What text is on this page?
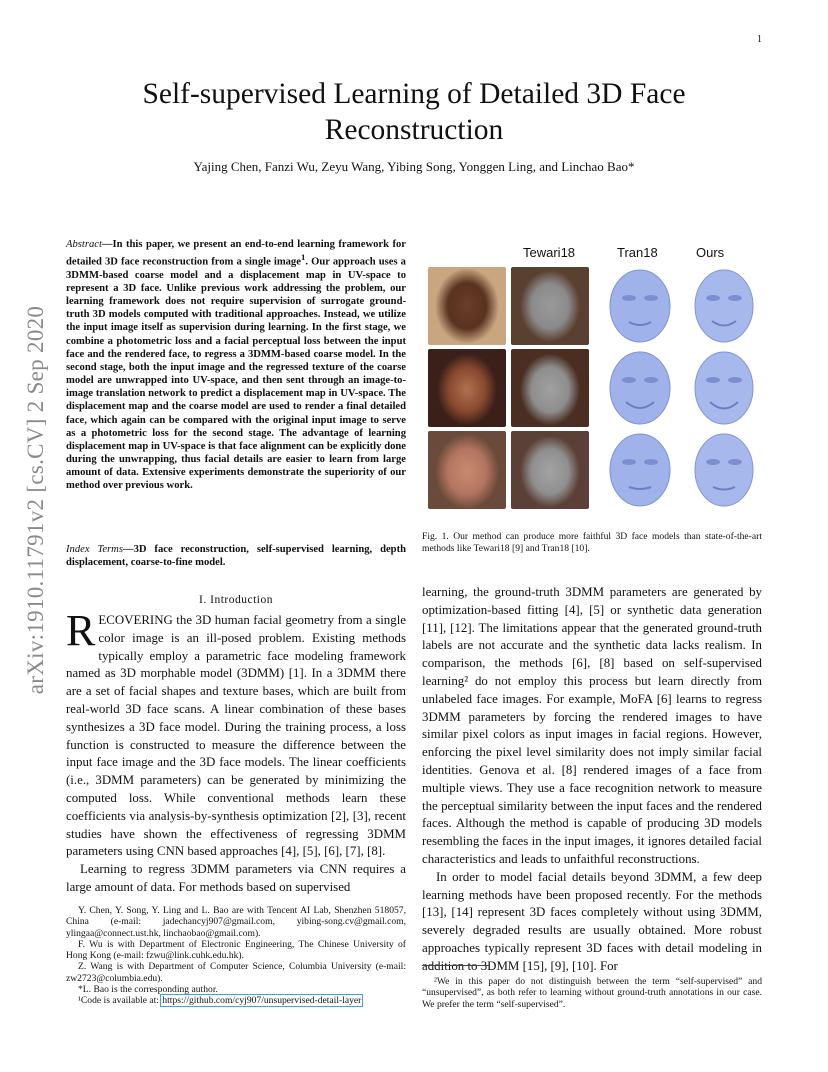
1
arXiv:1910.11791v2 [cs.CV] 2 Sep 2020
Self-supervised Learning of Detailed 3D Face Reconstruction
Yajing Chen, Fanzi Wu, Zeyu Wang, Yibing Song, Yonggen Ling, and Linchao Bao*
Abstract—In this paper, we present an end-to-end learning framework for detailed 3D face reconstruction from a single image$^1$. Our approach uses a 3DMM-based coarse model and a displacement map in UV-space to represent a 3D face. Unlike previous work addressing the problem, our learning framework does not require supervision of surrogate ground-truth 3D models computed with traditional approaches. Instead, we utilize the input image itself as supervision during learning. In the first stage, we combine a photometric loss and a facial perceptual loss between the input face and the rendered face, to regress a 3DMM-based coarse model. In the second stage, both the input image and the regressed texture of the coarse model are unwrapped into UV-space, and then sent through an image-to-image translation network to predict a displacement map in UV-space. The displacement map and the coarse model are used to render a final detailed face, which again can be compared with the original input image to serve as a photometric loss for the second stage. The advantage of learning displacement map in UV-space is that face alignment can be explicitly done during the unwrapping, thus facial details are easier to learn from large amount of data. Extensive experiments demonstrate the superiority of our method over previous work.
Index Terms—3D face reconstruction, self-supervised learning, depth displacement, coarse-to-fine model.
Tewari18	Tran18	Ours
Fig. 1. Our method can produce more faithful 3D face models than state-of-the-art methods like Tewari18 [9] and Tran18 [10].
I. Introduction

RECOVERING the 3D human facial geometry from a single color image is an ill-posed problem. Existing methods typically employ a parametric face modeling framework named as 3D morphable model (3DMM) [1]. In a 3DMM there are a set of facial shapes and texture bases, which are built from real-world 3D face scans. A linear combination of these bases synthesizes a 3D face model. During the training process, a loss function is constructed to measure the difference between the input face image and the 3D face models. The linear coefficients (i.e., 3DMM parameters) can be generated by minimizing the computed loss. While conventional methods learn these coefficients via analysis-by-synthesis optimization [2], [3], recent studies have shown the effectiveness of regressing 3DMM parameters using CNN based approaches [4], [5], [6], [7], [8].

Learning to regress 3DMM parameters via CNN requires a large amount of data. For methods based on supervised

learning, the ground-truth 3DMM parameters are generated by optimization-based fitting [4], [5] or synthetic data generation [11], [12]. The limitations appear that the generated ground-truth labels are not accurate and the synthetic data lacks realism. In comparison, the methods [6], [8] based on self-supervised learning² do not employ this process but learn directly from unlabeled face images. For example, MoFA [6] learns to regress 3DMM parameters by forcing the rendered images to have similar pixel colors as input images in facial regions. However, enforcing the pixel level similarity does not imply similar facial identities. Genova et al. [8] rendered images of a face from multiple views. They use a face recognition network to measure the perceptual similarity between the input faces and the rendered faces. Although the method is capable of producing 3D models resembling the faces in the input images, it ignores detailed facial characteristics and leads to unfaithful reconstructions.

In order to model facial details beyond 3DMM, a few deep learning methods have been proposed recently. For the methods [13], [14] represent 3D faces completely without using 3DMM, severely degraded results are usually obtained. More robust approaches typically represent 3D faces with detail modeling in addition to 3DMM [15], [9], [10]. For

Y. Chen, Y. Song, Y. Ling and L. Bao are with Tencent AI Lab, Shenzhen 518057, China (e-mail: jadechancyj907@gmail.com, yibing-song.cv@gmail.com, ylingaa@connect.ust.hk, linchaobao@gmail.com).

F. Wu is with Department of Electronic Engineering, The Chinese University of Hong Kong (e-mail: fzwu@link.cuhk.edu.hk).

Z. Wang is with Department of Computer Science, Columbia University (e-mail: zw2723@columbia.edu).

*L. Bao is the corresponding author.

¹Code is available at: https://github.com/cyj907/unsupervised-detail-layer

²We in this paper do not distinguish between the term “self-supervised” and “unsupervised”, as both refer to learning without ground-truth annotations in our case. We prefer the term “self-supervised”.
